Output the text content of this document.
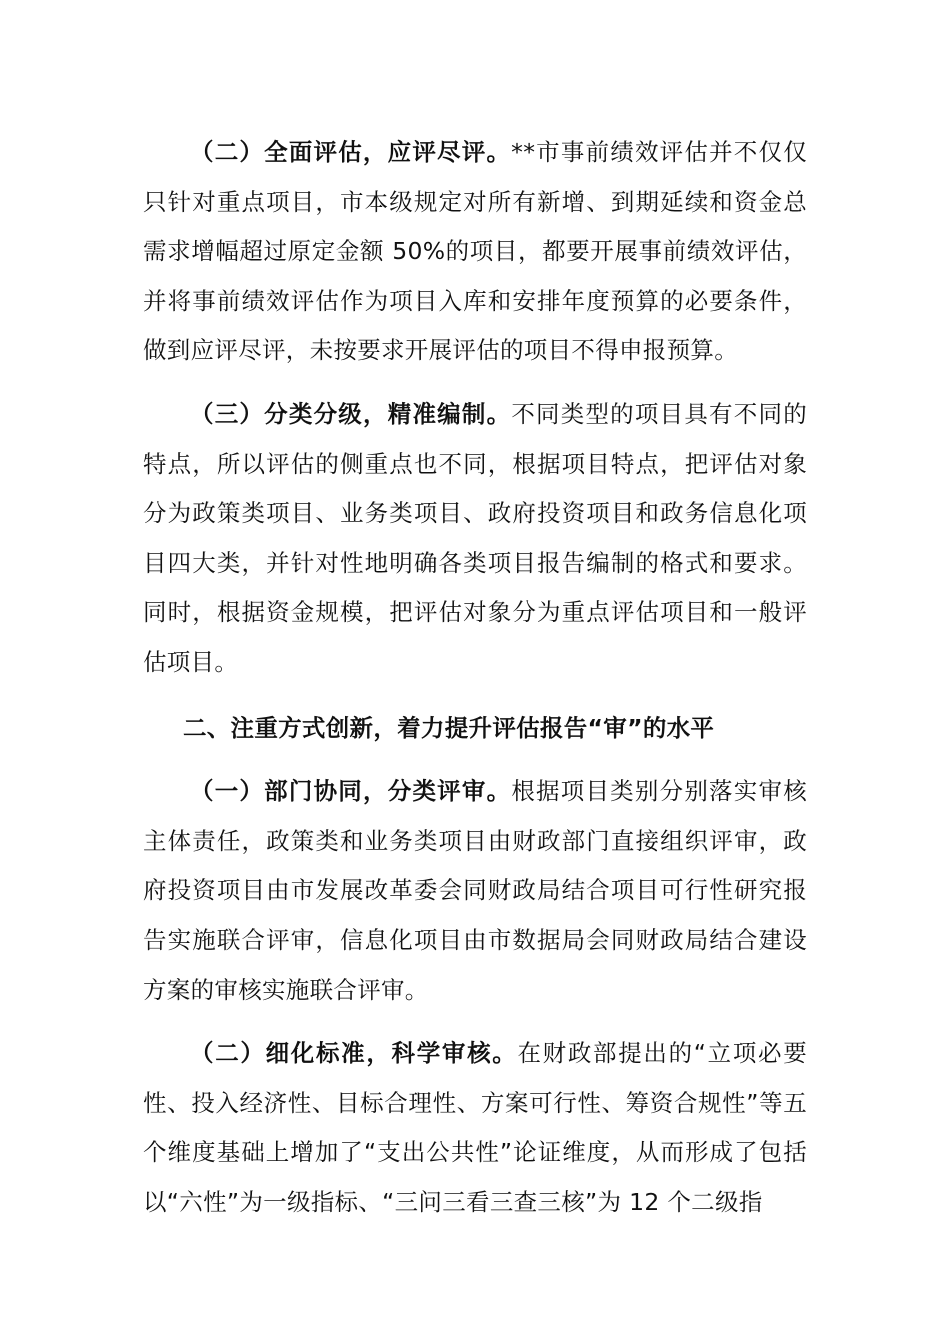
（二）全面评估，应评尽评。**市事前绩效评估并不仅仅只针对重点项目，市本级规定对所有新增、到期延续和资金总需求增幅超过原定金额 50%的项目，都要开展事前绩效评估，并将事前绩效评估作为项目入库和安排年度预算的必要条件，做到应评尽评，未按要求开展评估的项目不得申报预算。

（三）分类分级，精准编制。不同类型的项目具有不同的特点，所以评估的侧重点也不同，根据项目特点，把评估对象分为政策类项目、业务类项目、政府投资项目和政务信息化项目四大类，并针对性地明确各类项目报告编制的格式和要求。同时，根据资金规模，把评估对象分为重点评估项目和一般评估项目。

二、注重方式创新，着力提升评估报告“审”的水平

（一）部门协同，分类评审。根据项目类别分别落实审核主体责任，政策类和业务类项目由财政部门直接组织评审，政府投资项目由市发展改革委会同财政局结合项目可行性研究报告实施联合评审，信息化项目由市数据局会同财政局结合建设方案的审核实施联合评审。

（二）细化标准，科学审核。在财政部提出的“立项必要性、投入经济性、目标合理性、方案可行性、筹资合规性”等五个维度基础上增加了“支出公共性”论证维度，从而形成了包括以“六性”为一级指标、“三问三看三查三核”为 12 个二级指
